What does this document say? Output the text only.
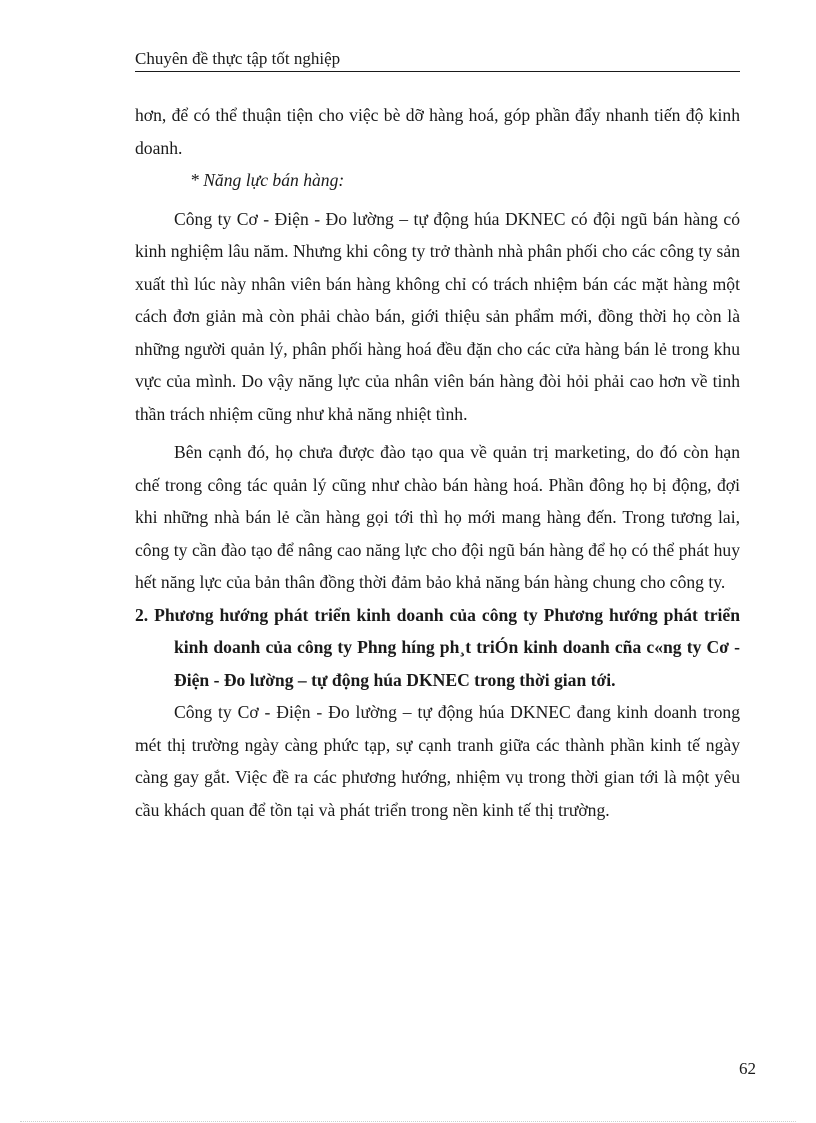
Chuyên đề thực tập tốt nghiệp

hơn, để có thể thuận tiện cho việc bè dỡ hàng hoá, góp phần đẩy nhanh tiến độ kinh doanh.

* Năng lực bán hàng:

Công ty Cơ - Điện - Đo lường – tự động húa DKNEC có đội ngũ bán hàng có kinh nghiệm lâu năm. Nhưng khi công ty trở thành nhà phân phối cho các công ty sản xuất thì lúc này nhân viên bán hàng không chỉ có trách nhiệm bán các mặt hàng một cách đơn giản mà còn phải chào bán, giới thiệu sản phẩm mới, đồng thời họ còn là những người quản lý, phân phối hàng hoá đều đặn cho các cửa hàng bán lẻ trong khu vực của mình. Do vậy năng lực của nhân viên bán hàng đòi hỏi phải cao hơn về tinh thần trách nhiệm cũng như khả năng nhiệt tình.

Bên cạnh đó, họ chưa được đào tạo qua về quản trị marketing, do đó còn hạn chế trong công tác quản lý cũng như chào bán hàng hoá. Phần đông họ bị động, đợi khi những nhà bán lẻ cần hàng gọi tới thì họ mới mang hàng đến. Trong tương lai, công ty cần đào tạo để nâng cao năng lực cho đội ngũ bán hàng để họ có thể phát huy hết năng lực của bản thân đồng thời đảm bảo khả năng bán hàng chung cho công ty.

2. Phương hướng phát triển kinh doanh của công ty Phương hướng phát triển kinh doanh của công ty Phng híng ph¸t triÓn kinh doanh cña c«ng ty Cơ - Điện - Đo lường – tự động húa DKNEC trong thời gian tới.

Công ty Cơ - Điện - Đo lường – tự động húa DKNEC đang kinh doanh trong mét thị trường ngày càng phức tạp, sự cạnh tranh giữa các thành phần kinh tế ngày càng gay gắt. Việc đề ra các phương hướng, nhiệm vụ trong thời gian tới là một yêu cầu khách quan để tồn tại và phát triển trong nền kinh tế thị trường.

62
